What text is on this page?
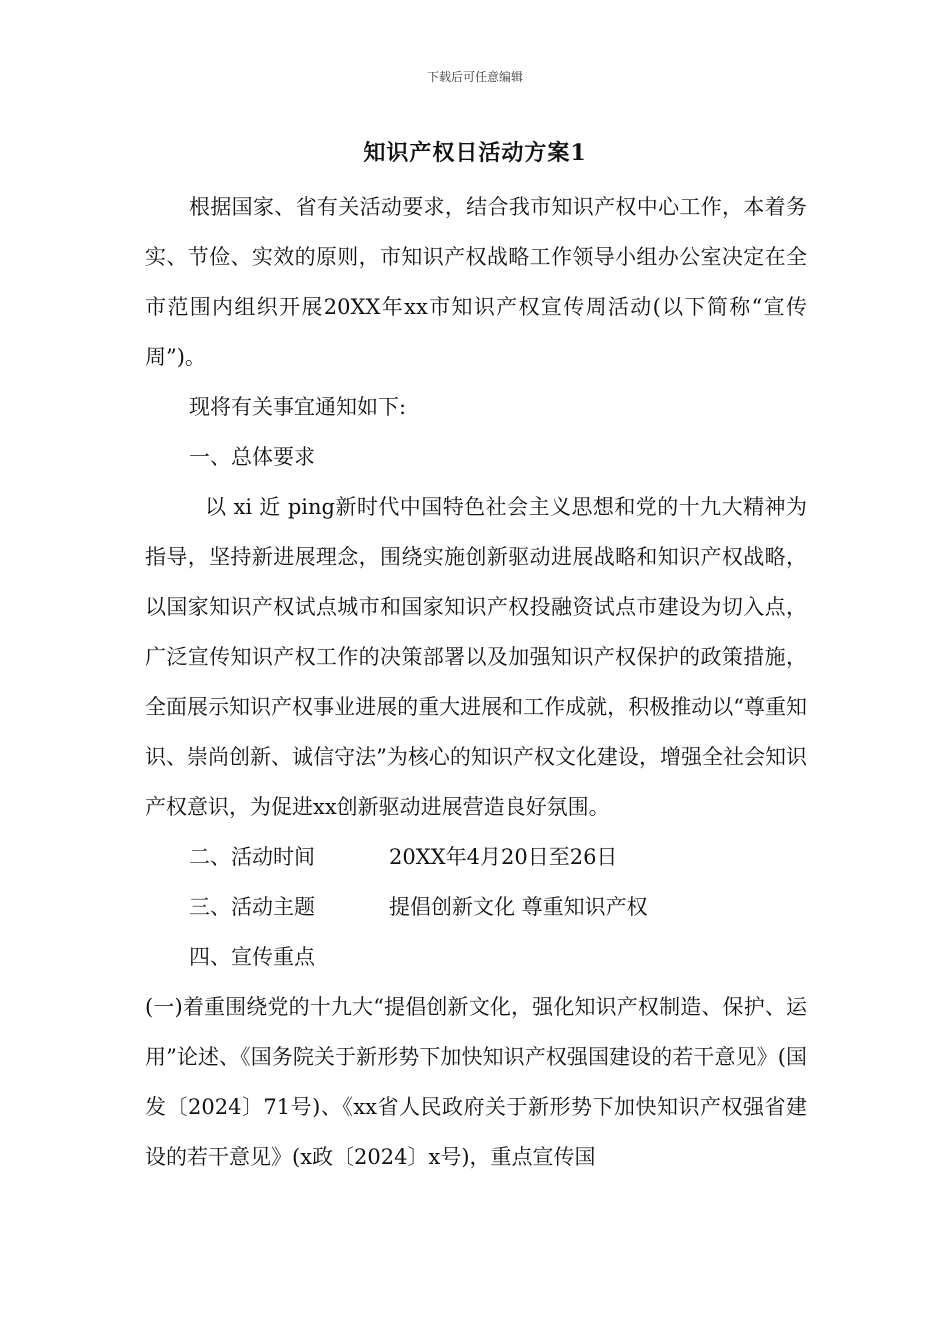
下载后可任意编辑
知识产权日活动方案1

根据国家、省有关活动要求，结合我市知识产权中心工作，本着务实、节俭、实效的原则，市知识产权战略工作领导小组办公室决定在全市范围内组织开展20XX年xx市知识产权宣传周活动(以下简称“宣传周”)。

现将有关事宜通知如下:

一、总体要求

以 xi 近 ping新时代中国特色社会主义思想和党的十九大精神为指导，坚持新进展理念，围绕实施创新驱动进展战略和知识产权战略，以国家知识产权试点城市和国家知识产权投融资试点市建设为切入点，广泛宣传知识产权工作的决策部署以及加强知识产权保护的政策措施，全面展示知识产权事业进展的重大进展和工作成就，积极推动以“尊重知识、崇尚创新、诚信守法”为核心的知识产权文化建设，增强全社会知识产权意识，为促进xx创新驱动进展营造良好氛围。

二、活动时间	20XX年4月20日至26日

三、活动主题	提倡创新文化 尊重知识产权

四、宣传重点

(一)着重围绕党的十九大“提倡创新文化，强化知识产权制造、保护、运用”论述、《国务院关于新形势下加快知识产权强国建设的若干意见》(国发〔2024〕71号)、《xx省人民政府关于新形势下加快知识产权强省建设的若干意见》(x政〔2024〕x号)，重点宣传国
